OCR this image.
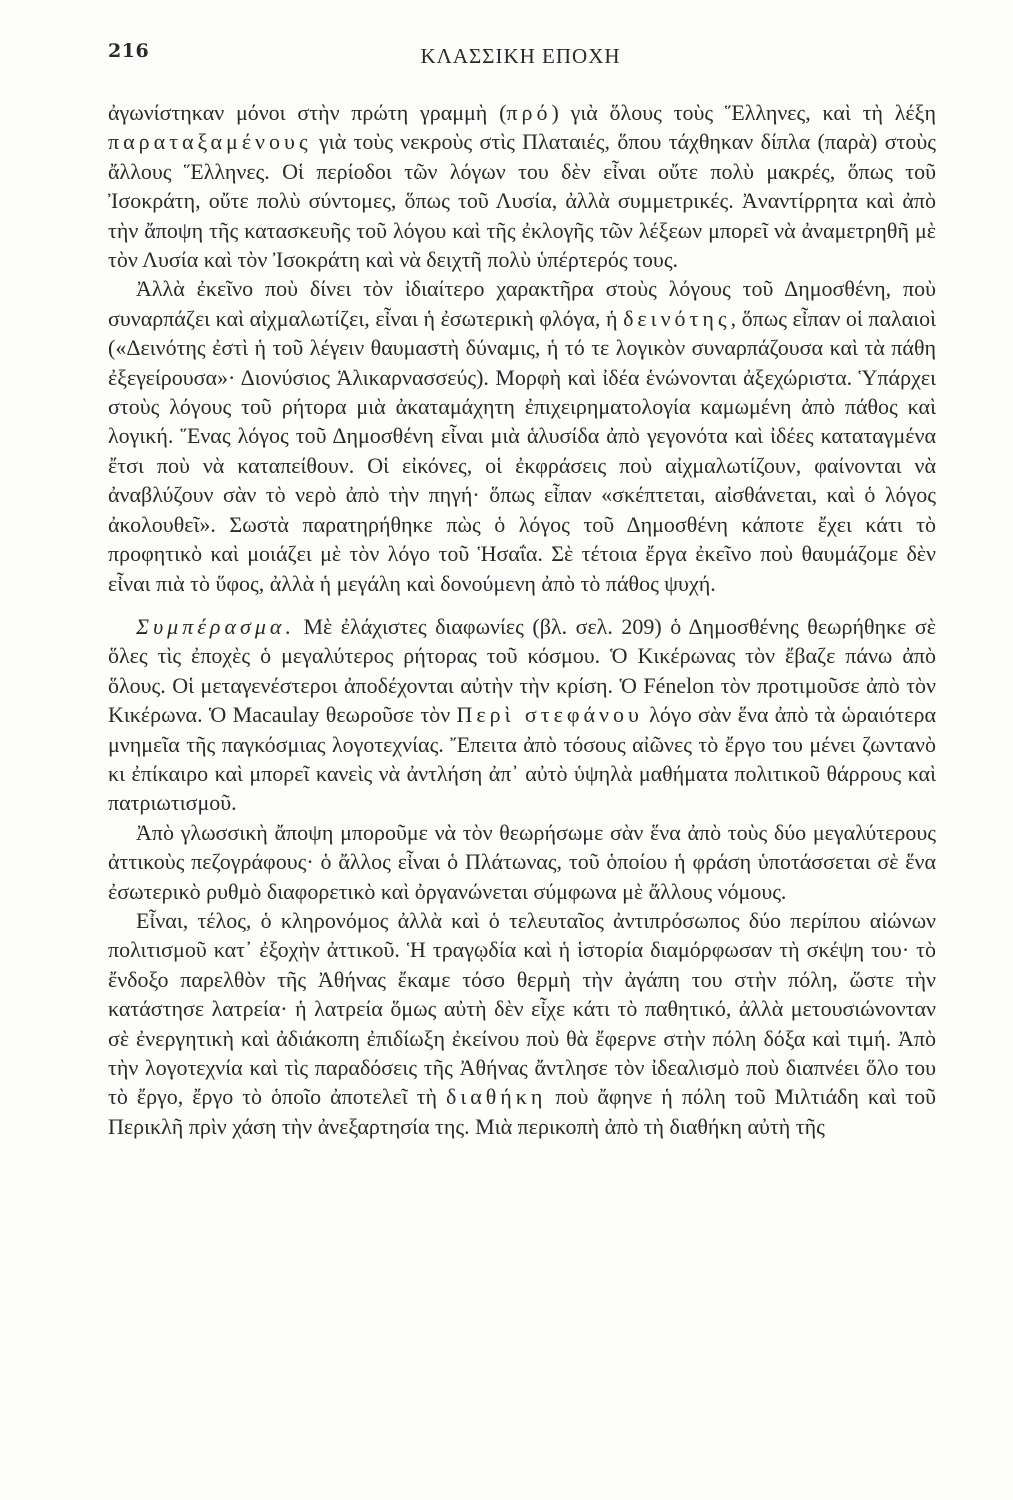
216	ΚΛΑΣΣΙΚΗ ΕΠΟΧΗ

ἀγωνίστηκαν μόνοι στὴν πρώτη γραμμὴ (πρό) γιὰ ὅλους τοὺς Ἕλληνες, καὶ τὴ λέξη παραταξαμένους γιὰ τοὺς νεκροὺς στὶς Πλαταιές, ὅπου τάχθηκαν δίπλα (παρὰ) στοὺς ἄλλους Ἕλληνες. Οἱ περίοδοι τῶν λόγων του δὲν εἶναι οὔτε πολὺ μακρές, ὅπως τοῦ Ἰσοκράτη, οὔτε πολὺ σύντομες, ὅπως τοῦ Λυσία, ἀλλὰ συμμετρικές. Ἀναντίρρητα καὶ ἀπὸ τὴν ἄποψη τῆς κατασκευῆς τοῦ λόγου καὶ τῆς ἐκλογῆς τῶν λέξεων μπορεῖ νὰ ἀναμετρηθῆ μὲ τὸν Λυσία καὶ τὸν Ἰσοκράτη καὶ νὰ δειχτῆ πολὺ ὑπέρτερός τους.

Ἀλλὰ ἐκεῖνο ποὺ δίνει τὸν ἰδιαίτερο χαρακτῆρα στοὺς λόγους τοῦ Δημοσθένη, ποὺ συναρπάζει καὶ αἰχμαλωτίζει, εἶναι ἡ ἐσωτερικὴ φλόγα, ἡ δεινότης, ὅπως εἶπαν οἱ παλαιοὶ («Δεινότης ἐστὶ ἡ τοῦ λέγειν θαυμαστὴ δύναμις, ἡ τό τε λογικὸν συναρπάζουσα καὶ τὰ πάθη ἐξεγείρουσα»· Διονύσιος Ἁλικαρνασσεύς). Μορφὴ καὶ ἰδέα ἑνώνονται ἀξεχώριστα. Ὑπάρχει στοὺς λόγους τοῦ ρήτορα μιὰ ἀκαταμάχητη ἐπιχειρηματολογία καμωμένη ἀπὸ πάθος καὶ λογική. Ἕνας λόγος τοῦ Δημοσθένη εἶναι μιὰ ἁλυσίδα ἀπὸ γεγονότα καὶ ἰδέες καταταγμένα ἔτσι ποὺ νὰ καταπείθουν. Οἱ εἰκόνες, οἱ ἐκφράσεις ποὺ αἰχμαλωτίζουν, φαίνονται νὰ ἀναβλύζουν σὰν τὸ νερὸ ἀπὸ τὴν πηγή· ὅπως εἶπαν «σκέπτεται, αἰσθάνεται, καὶ ὁ λόγος ἀκολουθεῖ». Σωστὰ παρατηρήθηκε πὼς ὁ λόγος τοῦ Δημοσθένη κάποτε ἔχει κάτι τὸ προφητικὸ καὶ μοιάζει μὲ τὸν λόγο τοῦ Ἡσαΐα. Σὲ τέτοια ἔργα ἐκεῖνο ποὺ θαυμάζομε δὲν εἶναι πιὰ τὸ ὕφος, ἀλλὰ ἡ μεγάλη καὶ δονούμενη ἀπὸ τὸ πάθος ψυχή.

Συμπέρασμα. Μὲ ἐλάχιστες διαφωνίες (βλ. σελ. 209) ὁ Δημοσθένης θεωρήθηκε σὲ ὅλες τὶς ἐποχὲς ὁ μεγαλύτερος ρήτορας τοῦ κόσμου. Ὁ Κικέρωνας τὸν ἔβαζε πάνω ἀπὸ ὅλους. Οἱ μεταγενέστεροι ἀποδέχονται αὐτὴν τὴν κρίση. Ὁ Fénelon τὸν προτιμοῦσε ἀπὸ τὸν Κικέρωνα. Ὁ Macaulay θεωροῦσε τὸν Περὶ στεφάνου λόγο σὰν ἕνα ἀπὸ τὰ ὡραιότερα μνημεῖα τῆς παγκόσμιας λογοτεχνίας. Ἔπειτα ἀπὸ τόσους αἰῶνες τὸ ἔργο του μένει ζωντανὸ κι ἐπίκαιρο καὶ μπορεῖ κανεὶς νὰ ἀντλήση ἀπ᾽ αὐτὸ ὑψηλὰ μαθήματα πολιτικοῦ θάρρους καὶ πατριωτισμοῦ.

Ἀπὸ γλωσσικὴ ἄποψη μποροῦμε νὰ τὸν θεωρήσωμε σὰν ἕνα ἀπὸ τοὺς δύο μεγαλύτερους ἀττικοὺς πεζογράφους· ὁ ἄλλος εἶναι ὁ Πλάτωνας, τοῦ ὁποίου ἡ φράση ὑποτάσσεται σὲ ἕνα ἐσωτερικὸ ρυθμὸ διαφορετικὸ καὶ ὀργανώνεται σύμφωνα μὲ ἄλλους νόμους.

Εἶναι, τέλος, ὁ κληρονόμος ἀλλὰ καὶ ὁ τελευταῖος ἀντιπρόσωπος δύο περίπου αἰώνων πολιτισμοῦ κατ᾽ ἐξοχὴν ἀττικοῦ. Ἡ τραγῳδία καὶ ἡ ἱστορία διαμόρφωσαν τὴ σκέψη του· τὸ ἔνδοξο παρελθὸν τῆς Ἀθήνας ἔκαμε τόσο θερμὴ τὴν ἀγάπη του στὴν πόλη, ὥστε τὴν κατάστησε λατρεία· ἡ λατρεία ὅμως αὐτὴ δὲν εἶχε κάτι τὸ παθητικό, ἀλλὰ μετουσιώνονταν σὲ ἐνεργητικὴ καὶ ἀδιάκοπη ἐπιδίωξη ἐκείνου ποὺ θὰ ἔφερνε στὴν πόλη δόξα καὶ τιμή. Ἀπὸ τὴν λογοτεχνία καὶ τὶς παραδόσεις τῆς Ἀθήνας ἄντλησε τὸν ἰδεαλισμὸ ποὺ διαπνέει ὅλο του τὸ ἔργο, ἔργο τὸ ὁποῖο ἀποτελεῖ τὴ διαθήκη ποὺ ἄφηνε ἡ πόλη τοῦ Μιλτιάδη καὶ τοῦ Περικλῆ πρὶν χάση τὴν ἀνεξαρτησία της. Μιὰ περικοπὴ ἀπὸ τὴ διαθήκη αὐτὴ τῆς
